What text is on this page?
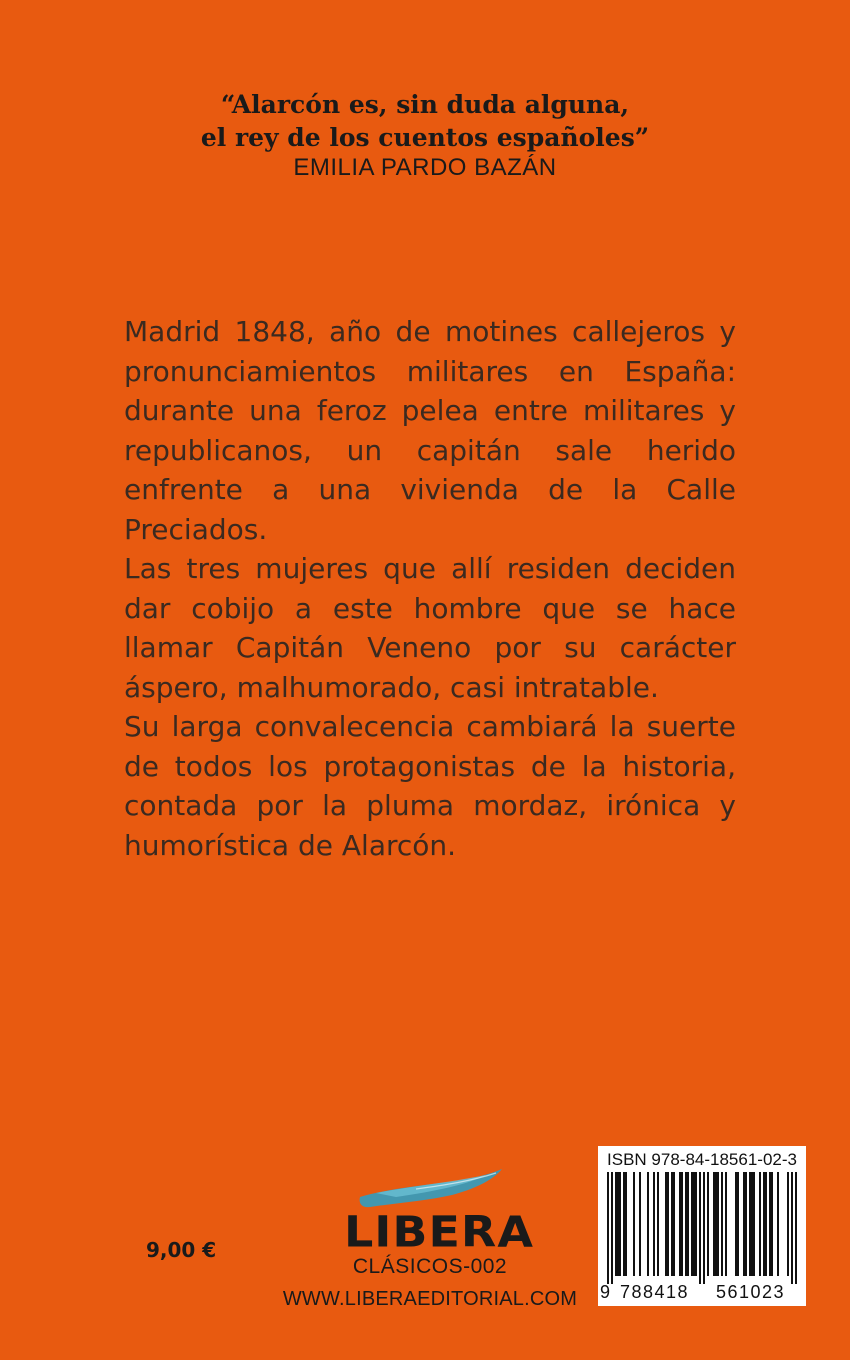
“Alarcón es, sin duda alguna,
el rey de los cuentos españoles”
EMILIA PARDO BAZÁN

Madrid 1848, año de motines callejeros y pronunciamientos militares en España: durante una feroz pelea entre militares y republicanos, un capitán sale herido enfrente a una vivienda de la Calle Preciados.

Las tres mujeres que allí residen deciden dar cobijo a este hombre que se hace llamar Capitán Veneno por su carácter áspero, malhumorado, casi intratable.

Su larga convalecencia cambiará la suerte de todos los protagonistas de la historia, contada por la pluma mordaz, irónica y humorística de Alarcón.

9,00 €	LIBERA
CLÁSICOS-002
WWW.LIBERAEDITORIAL.COM
ISBN 978-84-18561-02-3
9 788418 561023
